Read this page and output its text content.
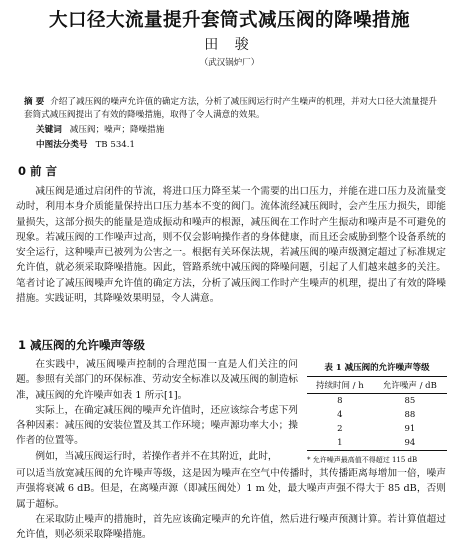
大口径大流量提升套筒式减压阀的降噪措施
田 骏
（武汉锅炉厂）

摘 要 介绍了减压阀的噪声允许值的确定方法，分析了减压阀运行时产生噪声的机理，并对大口径大流量提升套筒式减压阀提出了有效的降噪措施，取得了令人满意的效果。

关键词 减压阀；噪声；降噪措施
中图法分类号 TB 534.1
0 前 言

减压阀是通过启闭件的节流，将进口压力降至某一个需要的出口压力，并能在进口压力及流量变动时，利用本身介质能量保持出口压力基本不变的阀门。流体流经减压阀时，会产生压力损失，即能量损失，这部分损失的能量是造成振动和噪声的根源，减压阀在工作时产生振动和噪声是不可避免的现象。若减压阀的工作噪声过高，则不仅会影响操作者的身体健康，而且还会威胁到整个设备系统的安全运行，这种噪声已被列为公害之一。根据有关环保法规，若减压阀的噪声级测定超过了标准规定允许值，就必须采取降噪措施。因此，管路系统中减压阀的降噪问题，引起了人们越来越多的关注。笔者讨论了减压阀噪声允许值的确定方法，分析了减压阀工作时产生噪声的机理，提出了有效的降噪措施。实践证明，其降噪效果明显，令人满意。

1 减压阀的允许噪声等级

在实践中，减压阀噪声控制的合理范围一直是人们关注的问题。参照有关部门的环保标准、劳动安全标准以及减压阀的制造标准，减压阀的允许噪声如表 1 所示[1]。

实际上，在确定减压阀的噪声允许值时，还应该综合考虑下列各种因素：减压阀的安装位置及其工作环境；噪声源功率大小；操作者的位置等。

例如，当减压阀运行时，若操作者并不在其附近，此时，

可以适当放宽减压阀的允许噪声等级，这是因为噪声在空气中传播时，其传播距离每增加一倍，噪声声强将衰减 6 dB。但是，在离噪声源（即减压阀处）1 m 处，最大噪声声强不得大于 85 dB，否则属于超标。

在采取防止噪声的措施时，首先应该确定噪声的允许值，然后进行噪声预测计算。若计算值超过允许值，则必须采取降噪措施。

表 1 减压阀的允许噪声等级
持续时间 / h	允许噪声 / dB
8	85
4	88
2	91
1	94
* 允许噪声最高值不得超过 115 dB
